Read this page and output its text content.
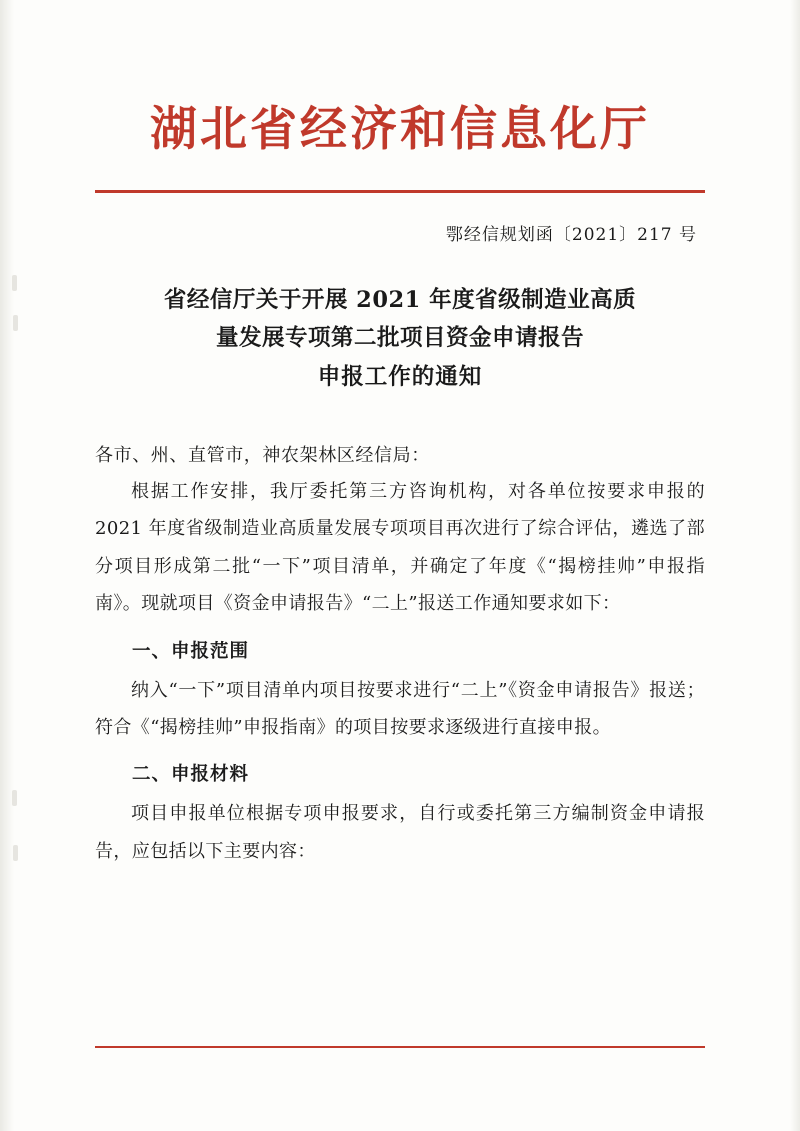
湖北省经济和信息化厅
鄂经信规划函〔2021〕217 号
省经信厅关于开展 2021 年度省级制造业高质
量发展专项第二批项目资金申请报告
申报工作的通知
各市、州、直管市，神农架林区经信局：

根据工作安排，我厅委托第三方咨询机构，对各单位按要求申报的 2021 年度省级制造业高质量发展专项项目再次进行了综合评估，遴选了部分项目形成第二批“一下”项目清单，并确定了年度《“揭榜挂帅”申报指南》。现就项目《资金申请报告》“二上”报送工作通知要求如下：

一、申报范围

纳入“一下”项目清单内项目按要求进行“二上”《资金申请报告》报送；符合《“揭榜挂帅”申报指南》的项目按要求逐级进行直接申报。

二、申报材料

项目申报单位根据专项申报要求，自行或委托第三方编制资金申请报告，应包括以下主要内容：
